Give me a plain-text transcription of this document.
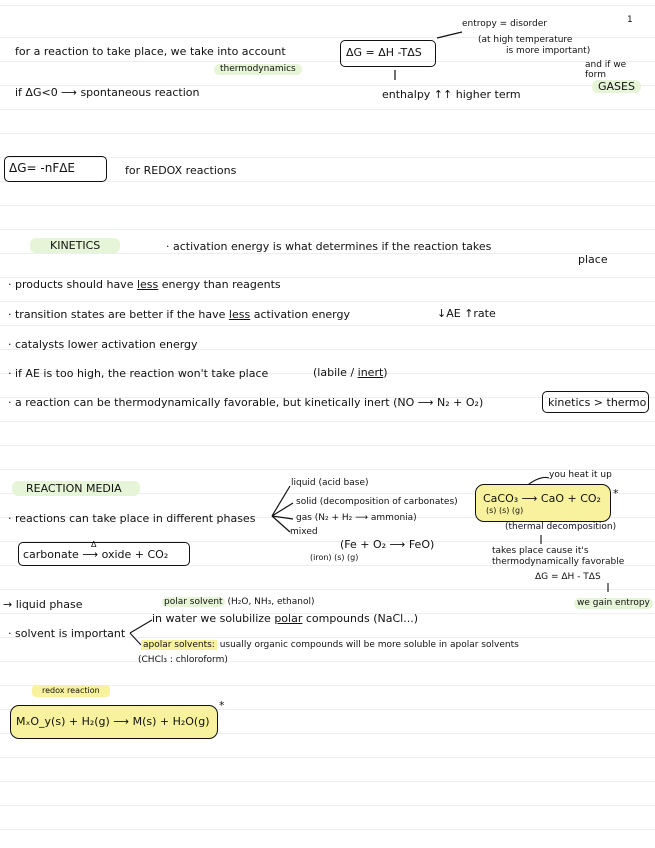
1
for a reaction to take place, we take into account
thermodynamics
ΔG = ΔH -TΔS
entropy = disorder
(at high temperature
is more important)
and if we
form
GASES
if ΔG<0 ⟶ spontaneous reaction	enthalpy ↑↑ higher term
ΔG= -nFΔE	for REDOX reactions
KINETICS	· activation energy is what determines if the reaction takes
place
· products should have less energy than reagents
· transition states are better if the have less activation energy	↓AE ↑rate
· catalysts lower activation energy
· if AE is too high, the reaction won't take place	(labile / inert)
· a reaction can be thermodynamically favorable, but kinetically inert (NO ⟶ N₂ + O₂)	kinetics > thermo
REACTION MEDIA
· reactions can take place in different phases
liquid (acid base)
solid (decomposition of carbonates)
gas (N₂ + H₂ ⟶ ammonia)
mixed
(Fe + O₂ ⟶ FeO)
(iron) (s) (g)
Δ
carbonate ⟶ oxide + CO₂
you heat it up
CaCO₃ ⟶ CaO + CO₂
(s) (s) (g)
*
(thermal decomposition)
takes place cause it's
thermodynamically favorable
ΔG = ΔH - TΔS
we gain entropy
→ liquid phase	polar solvent (H₂O, NH₃, ethanol)
· solvent is important
in water we solubilize polar compounds (NaCl...)
apolar solvents: usually organic compounds will be more soluble in apolar solvents
(CHCl₃ : chloroform)
redox reaction
MₓO_y(s) + H₂(g) ⟶ M(s) + H₂O(g)
*
